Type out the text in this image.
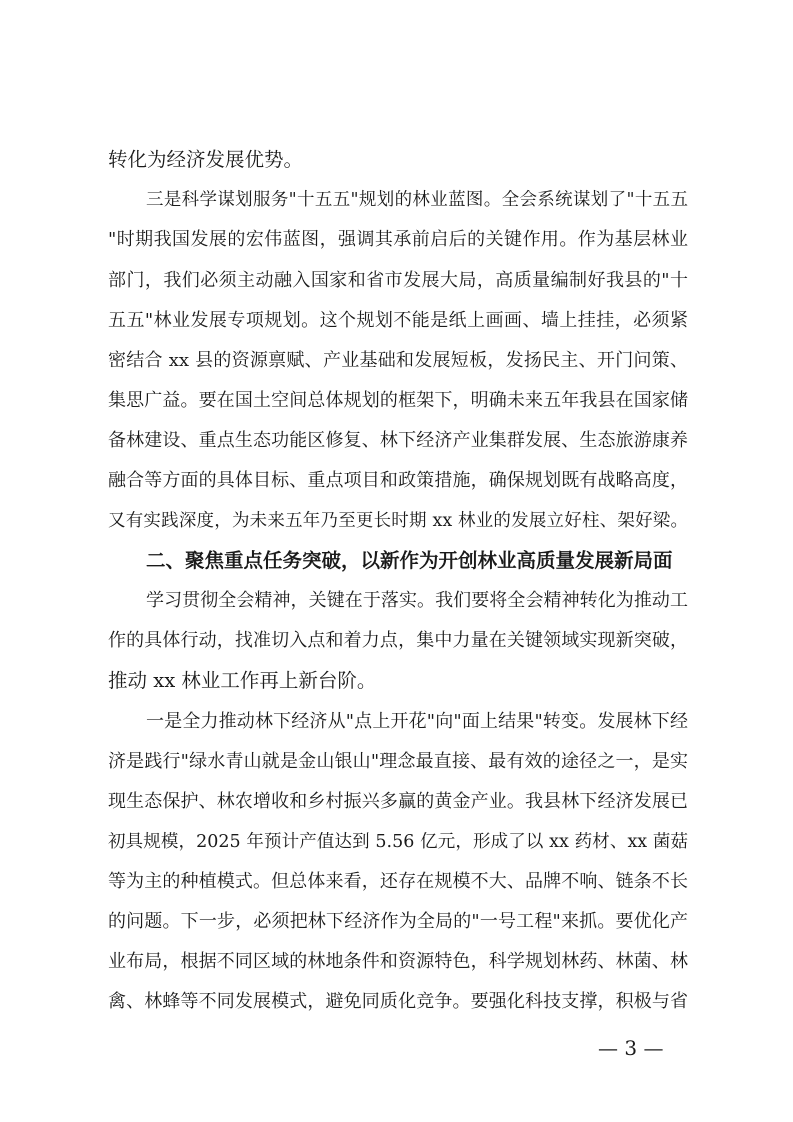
转化为经济发展优势。
三是科学谋划服务"十五五"规划的林业蓝图。全会系统谋划了"十五五
"时期我国发展的宏伟蓝图，强调其承前启后的关键作用。作为基层林业
部门，我们必须主动融入国家和省市发展大局，高质量编制好我县的"十
五五"林业发展专项规划。这个规划不能是纸上画画、墙上挂挂，必须紧
密结合 xx 县的资源禀赋、产业基础和发展短板，发扬民主、开门问策、
集思广益。要在国土空间总体规划的框架下，明确未来五年我县在国家储
备林建设、重点生态功能区修复、林下经济产业集群发展、生态旅游康养
融合等方面的具体目标、重点项目和政策措施，确保规划既有战略高度，
又有实践深度，为未来五年乃至更长时期 xx 林业的发展立好柱、架好梁。
二、聚焦重点任务突破，以新作为开创林业高质量发展新局面
学习贯彻全会精神，关键在于落实。我们要将全会精神转化为推动工
作的具体行动，找准切入点和着力点，集中力量在关键领域实现新突破，
推动 xx 林业工作再上新台阶。
一是全力推动林下经济从"点上开花"向"面上结果"转变。发展林下经
济是践行"绿水青山就是金山银山"理念最直接、最有效的途径之一，是实
现生态保护、林农增收和乡村振兴多赢的黄金产业。我县林下经济发展已
初具规模，2025 年预计产值达到 5.56 亿元，形成了以 xx 药材、xx 菌菇
等为主的种植模式。但总体来看，还存在规模不大、品牌不响、链条不长
的问题。下一步，必须把林下经济作为全局的"一号工程"来抓。要优化产
业布局，根据不同区域的林地条件和资源特色，科学规划林药、林菌、林
禽、林蜂等不同发展模式，避免同质化竞争。要强化科技支撑，积极与省
— 3 —
